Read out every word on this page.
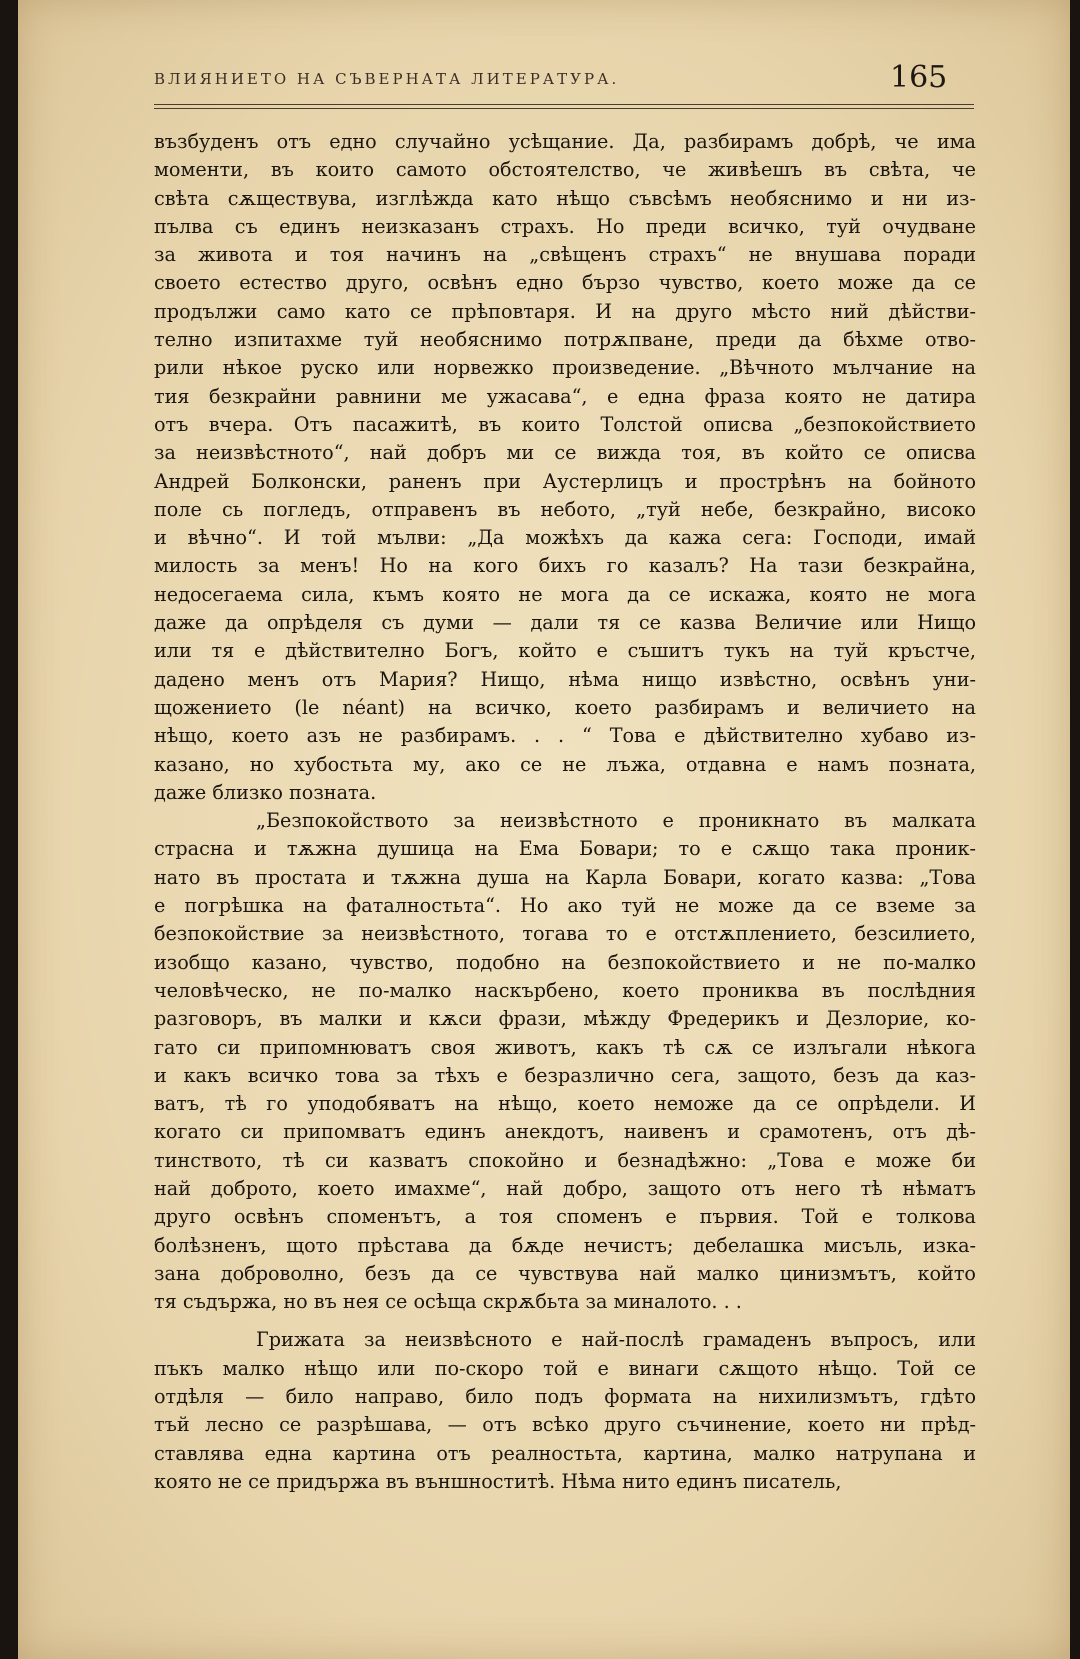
ВЛИЯНИЕТО НА СЪВЕРНАТА ЛИТЕРАТУРА.	165
възбуденъ отъ едно случайно усѣщание. Да, разбирамъ добрѣ, че има
моменти, въ които самото обстоятелство, че живѣешъ въ свѣта, че
свѣта сѫществува, изглѣжда като нѣщо съвсѣмъ необяснимо и ни из-
пълва съ единъ неизказанъ страхъ. Но преди всичко, туй очудване
за живота и тоя начинъ на „свѣщенъ страхъ“ не внушава поради
своето естество друго, освѣнъ едно бързо чувство, което може да се
продължи само като се прѣповтаря. И на друго мѣсто ний дѣйстви-
телно изпитахме туй необяснимо потрѫпване, преди да бѣхме отво-
рили нѣкое руско или норвежко произведение. „Вѣчното мълчание на
тия безкрайни равнини ме ужасава“, е една фраза която не датира
отъ вчера. Отъ пасажитѣ, въ които Толстой описва „безпокойствието
за неизвѣстното“, най добръ ми се вижда тоя, въ който се описва
Андрей Болконски, раненъ при Аустерлицъ и прострѣнъ на бойното
поле сь погледъ, отправенъ въ небото, „туй небе, безкрайно, високо
и вѣчно“. И той мълви: „Да можѣхъ да кажа сега: Господи, имай
милость за менъ! Но на кого бихъ го казалъ? На тази безкрайна,
недосегаема сила, къмъ която не мога да се искажа, която не мога
даже да опрѣделя съ думи — дали тя се казва Величие или Нищо
или тя е дѣйствително Богъ, който е съшитъ тукъ на туй кръстче,
дадено менъ отъ Мария? Нищо, нѣма нищо извѣстно, освѣнъ уни-
щожението (le néant) на всичко, което разбирамъ и величието на
нѣщо, което азъ не разбирамъ. . . “ Това е дѣйствително хубаво из-
казано, но хубостьта му, ако се не лъжа, отдавна е намъ позната,
даже близко позната.
„Безпокойството за неизвѣстното е проникнато въ малката
страсна и тѫжна душица на Ема Бовари; то е сѫщо така проник-
нато въ простата и тѫжна душа на Карла Бовари, когато казва: „Това
е погрѣшка на фаталностьта“. Но ако туй не може да се вземе за
безпокойствие за неизвѣстното, тогава то е отстѫплението, безсилието,
изобщо казано, чувство, подобно на безпокойствието и не по-малко
человѣческо, не по-малко наскърбено, което прониква въ послѣдния
разговоръ, въ малки и кѫси фрази, мѣжду Фредерикъ и Дезлорие, ко-
гато си припомнюватъ своя животъ, какъ тѣ сѫ се излъгали нѣкога
и какъ всичко това за тѣхъ е безразлично сега, защото, безъ да каз-
ватъ, тѣ го уподобяватъ на нѣщо, което неможе да се опрѣдели. И
когато си припомватъ единъ анекдотъ, наивенъ и срамотенъ, отъ дѣ-
тинството, тѣ си казватъ спокойно и безнадѣжно: „Това е може би
най доброто, което имахме“, най добро, защото отъ него тѣ нѣматъ
друго освѣнъ споменътъ, а тоя споменъ е първия. Той е толкова
болѣзненъ, щото прѣстава да бѫде нечистъ; дебелашка мисъль, изка-
зана доброволно, безъ да се чувствува най малко цинизмътъ, който
тя съдържа, но въ нея се осѣща скрѫбьта за миналото. . .
Грижата за неизвѣсното е най-послѣ грамаденъ въпросъ, или
пъкъ малко нѣщо или по-скоро той е винаги сѫщото нѣщо. Той се
отдѣля — било направо, било подъ формата на нихилизмътъ, гдѣто
тъй лесно се разрѣшава, — отъ всѣко друго съчинение, което ни прѣд-
ставлява една картина отъ реалностьта, картина, малко натрупана и
която не се придържа въ външноститѣ. Нѣма нито единъ писатель,
